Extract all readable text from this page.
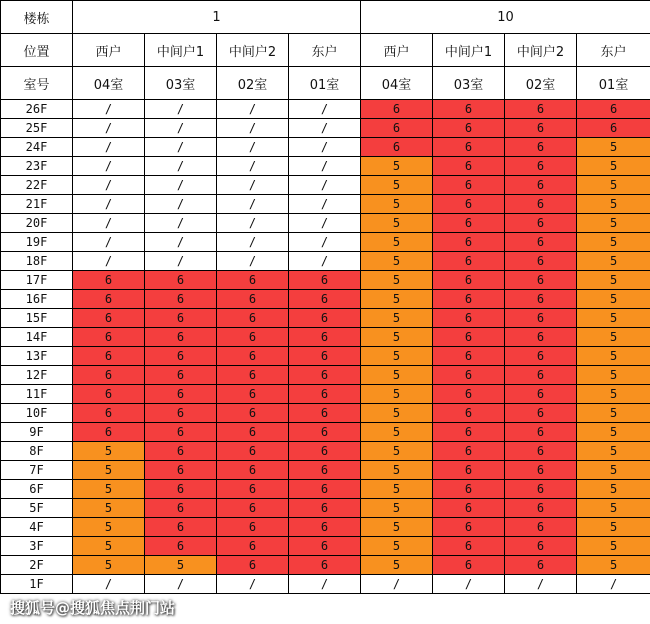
楼栋	1				10			
位置	西户	中间户1	中间户2	东户	西户	中间户1	中间户2	东户
室号	04室	03室	02室	01室	04室	03室	02室	01室
26F	/	/	/	/	6	6	6	6
25F	/	/	/	/	6	6	6	6
24F	/	/	/	/	6	6	6	5
23F	/	/	/	/	5	6	6	5
22F	/	/	/	/	5	6	6	5
21F	/	/	/	/	5	6	6	5
20F	/	/	/	/	5	6	6	5
19F	/	/	/	/	5	6	6	5
18F	/	/	/	/	5	6	6	5
17F	6	6	6	6	5	6	6	5
16F	6	6	6	6	5	6	6	5
15F	6	6	6	6	5	6	6	5
14F	6	6	6	6	5	6	6	5
13F	6	6	6	6	5	6	6	5
12F	6	6	6	6	5	6	6	5
11F	6	6	6	6	5	6	6	5
10F	6	6	6	6	5	6	6	5
9F	6	6	6	6	5	6	6	5
8F	5	6	6	6	5	6	6	5
7F	5	6	6	6	5	6	6	5
6F	5	6	6	6	5	6	6	5
5F	5	6	6	6	5	6	6	5
4F	5	6	6	6	5	6	6	5
3F	5	6	6	6	5	6	6	5
2F	5	5	6	6	5	6	6	5
1F	/	/	/	/	/	/	/	/
搜狐号@搜狐焦点荆门站
